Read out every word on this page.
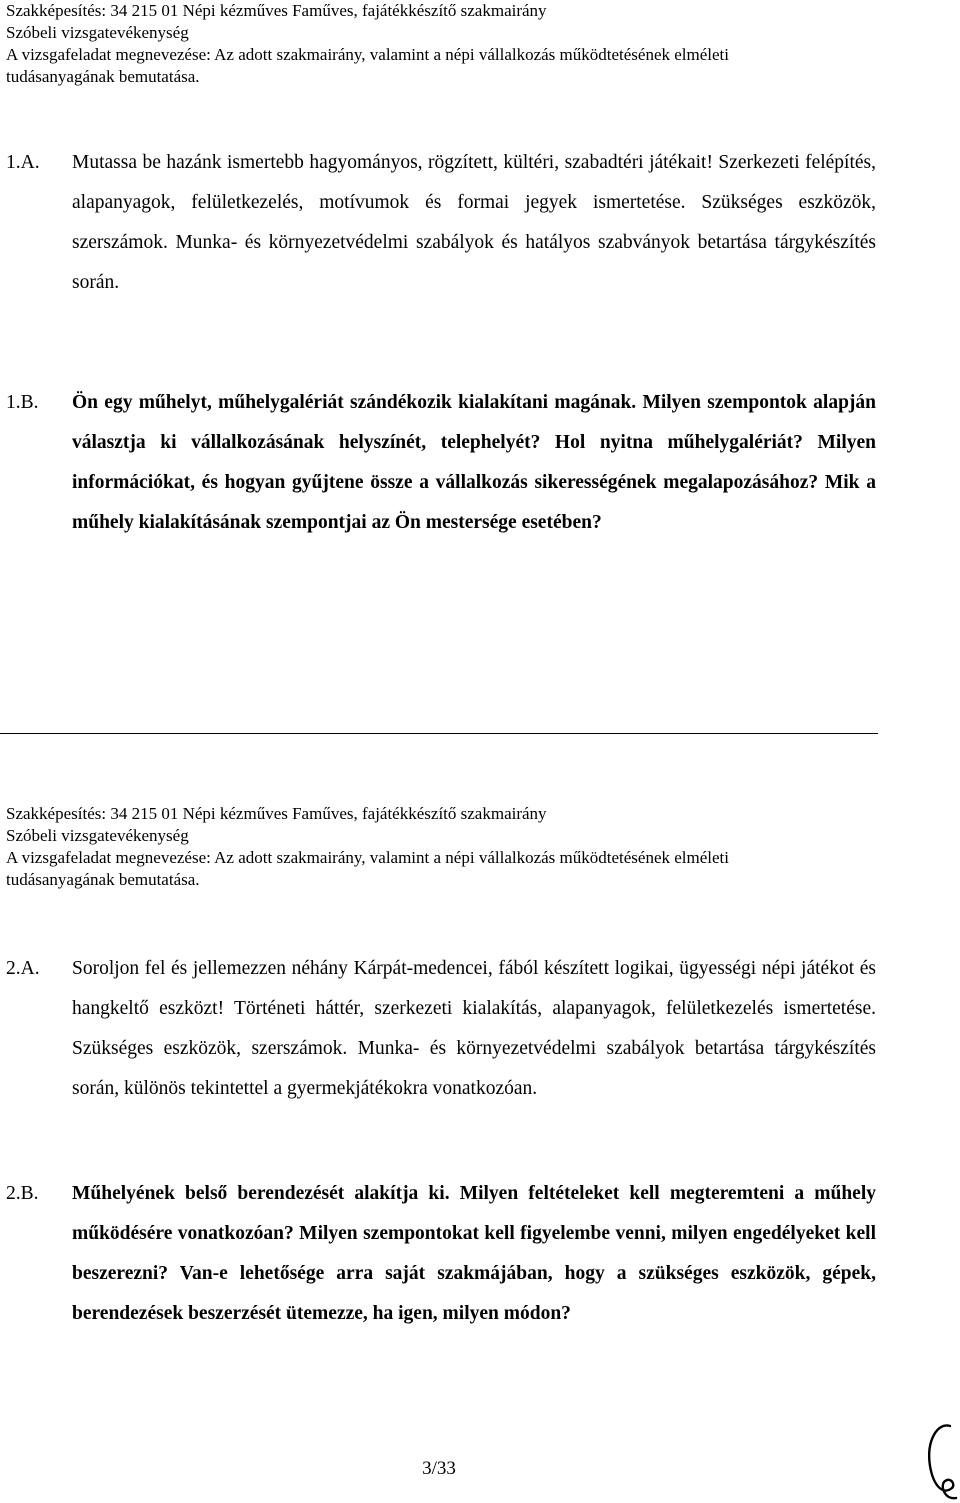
Szakképesítés: 34 215 01 Népi kézműves Faműves, fajátékkészítő szakmairány
Szóbeli vizsgatevékenység
A vizsgafeladat megnevezése: Az adott szakmairány, valamint a népi vállalkozás működtetésének elméleti
tudásanyagának bemutatása.
1.A.	Mutassa be hazánk ismertebb hagyományos, rögzített, kültéri, szabadtéri játékait! Szerkezeti felépítés, alapanyagok, felületkezelés, motívumok és formai jegyek ismertetése. Szükséges eszközök, szerszámok. Munka- és környezetvédelmi szabályok és hatályos szabványok betartása tárgykészítés során.
1.B.	Ön egy műhelyt, műhelygalériát szándékozik kialakítani magának. Milyen szempontok alapján választja ki vállalkozásának helyszínét, telephelyét? Hol nyitna műhelygalériát? Milyen információkat, és hogyan gyűjtene össze a vállalkozás sikerességének megalapozásához? Mik a műhely kialakításának szempontjai az Ön mestersége esetében?
Szakképesítés: 34 215 01 Népi kézműves Faműves, fajátékkészítő szakmairány
Szóbeli vizsgatevékenység
A vizsgafeladat megnevezése: Az adott szakmairány, valamint a népi vállalkozás működtetésének elméleti
tudásanyagának bemutatása.
2.A.	Soroljon fel és jellemezzen néhány Kárpát-medencei, fából készített logikai, ügyességi népi játékot és hangkeltő eszközt! Történeti háttér, szerkezeti kialakítás, alapanyagok, felületkezelés ismertetése. Szükséges eszközök, szerszámok. Munka- és környezetvédelmi szabályok betartása tárgykészítés során, különös tekintettel a gyermekjátékokra vonatkozóan.
2.B.	Műhelyének belső berendezését alakítja ki. Milyen feltételeket kell megteremteni a műhely működésére vonatkozóan? Milyen szempontokat kell figyelembe venni, milyen engedélyeket kell beszerezni? Van-e lehetősége arra saját szakmájában, hogy a szükséges eszközök, gépek, berendezések beszerzését ütemezze, ha igen, milyen módon?
3/33
